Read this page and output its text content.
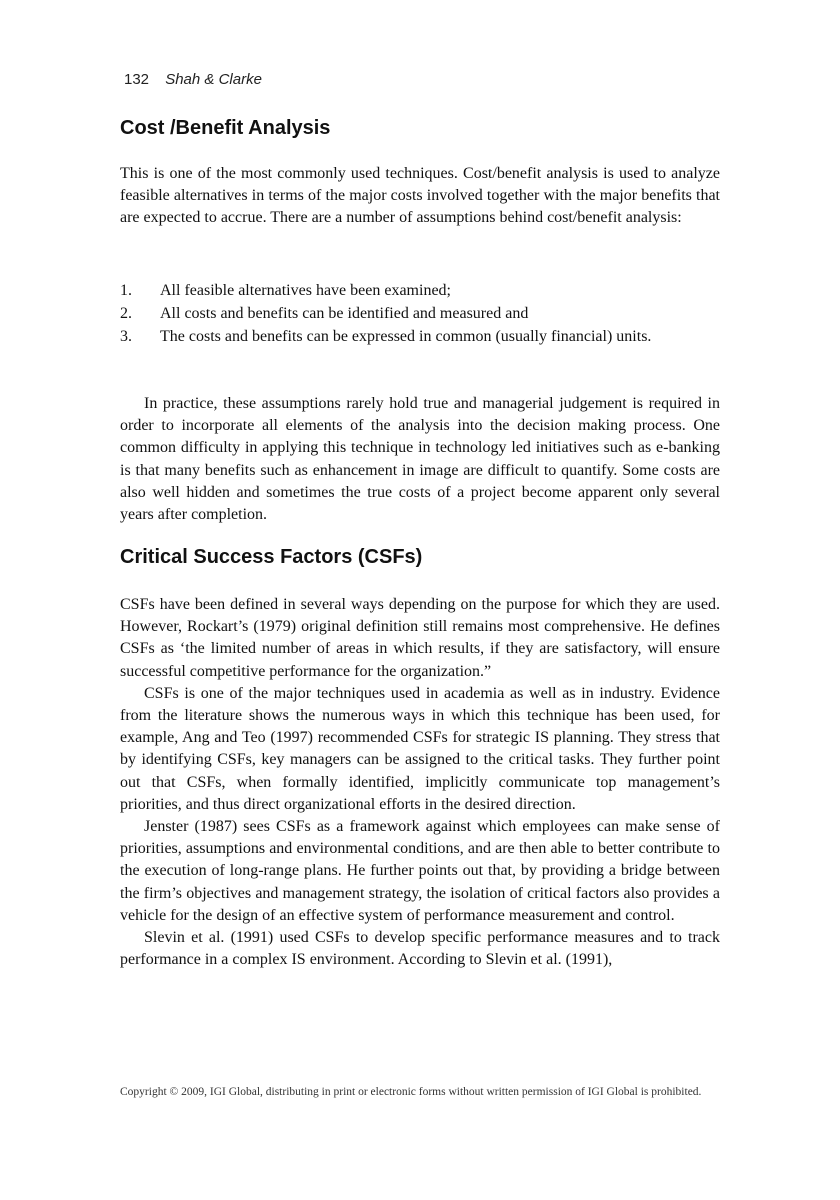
132 Shah & Clarke
Cost /Benefit Analysis

This is one of the most commonly used techniques. Cost/benefit analysis is used to analyze feasible alternatives in terms of the major costs involved together with the major benefits that are expected to accrue. There are a number of assumptions behind cost/benefit analysis:

1.	All feasible alternatives have been examined;
2.	All costs and benefits can be identified and measured and
3.	The costs and benefits can be expressed in common (usually financial) units.

In practice, these assumptions rarely hold true and managerial judgement is required in order to incorporate all elements of the analysis into the decision making process. One common difficulty in applying this technique in technology led initiatives such as e-banking is that many benefits such as enhancement in image are difficult to quantify. Some costs are also well hidden and sometimes the true costs of a project become apparent only several years after completion.

Critical Success Factors (CSFs)

CSFs have been defined in several ways depending on the purpose for which they are used. However, Rockart’s (1979) original definition still remains most comprehensive. He defines CSFs as ‘the limited number of areas in which results, if they are satisfactory, will ensure successful competitive performance for the organization.”

CSFs is one of the major techniques used in academia as well as in industry. Evidence from the literature shows the numerous ways in which this technique has been used, for example, Ang and Teo (1997) recommended CSFs for strategic IS planning. They stress that by identifying CSFs, key managers can be assigned to the critical tasks. They further point out that CSFs, when formally identified, implicitly communicate top management’s priorities, and thus direct organizational efforts in the desired direction.

Jenster (1987) sees CSFs as a framework against which employees can make sense of priorities, assumptions and environmental conditions, and are then able to better contribute to the execution of long-range plans. He further points out that, by providing a bridge between the firm’s objectives and management strategy, the isolation of critical factors also provides a vehicle for the design of an effective system of performance measurement and control.

Slevin et al. (1991) used CSFs to develop specific performance measures and to track performance in a complex IS environment. According to Slevin et al. (1991),

Copyright © 2009, IGI Global, distributing in print or electronic forms without written permission of IGI Global is prohibited.
